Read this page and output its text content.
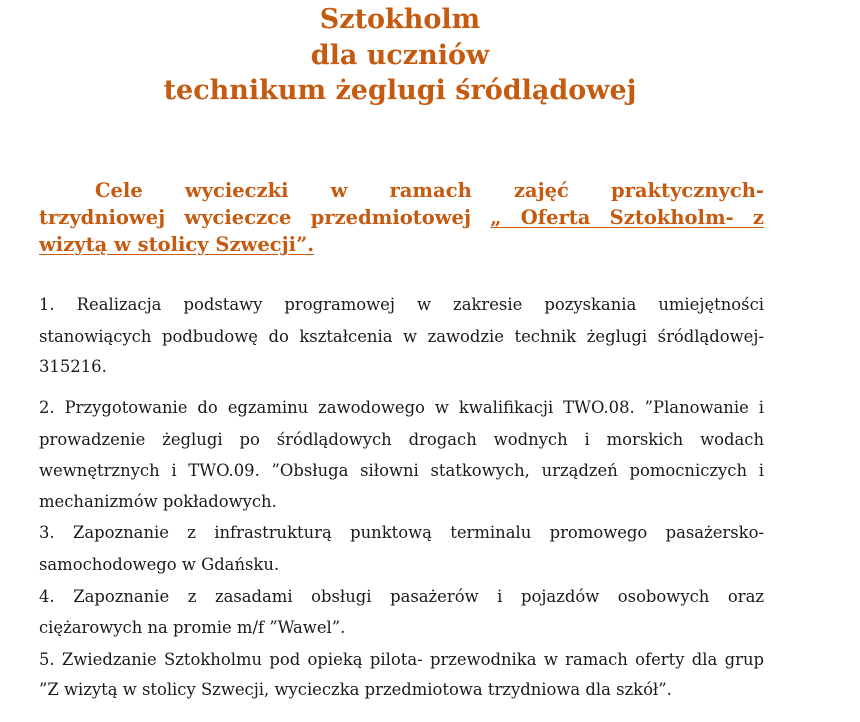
Sztokholm
dla uczniów
technikum żeglugi śródlądowej
Cele wycieczki w ramach zajęć praktycznych-
trzydniowej wycieczce przedmiotowej „ Oferta Sztokholm- z
wizytą w stolicy Szwecji”.
1. Realizacja podstawy programowej w zakresie pozyskania umiejętności
stanowiących podbudowę do kształcenia w zawodzie technik żeglugi śródlądowej-
315216.
2. Przygotowanie do egzaminu zawodowego w kwalifikacji TWO.08. ”Planowanie i
prowadzenie żeglugi po śródlądowych drogach wodnych i morskich wodach
wewnętrznych i TWO.09. ”Obsługa siłowni statkowych, urządzeń pomocniczych i
mechanizmów pokładowych.
3. Zapoznanie z infrastrukturą punktową terminalu promowego pasażersko-
samochodowego w Gdańsku.
4. Zapoznanie z zasadami obsługi pasażerów i pojazdów osobowych oraz
ciężarowych na promie m/f ”Wawel”.
5. Zwiedzanie Sztokholmu pod opieką pilota- przewodnika w ramach oferty dla grup
”Z wizytą w stolicy Szwecji, wycieczka przedmiotowa trzydniowa dla szkół”.
